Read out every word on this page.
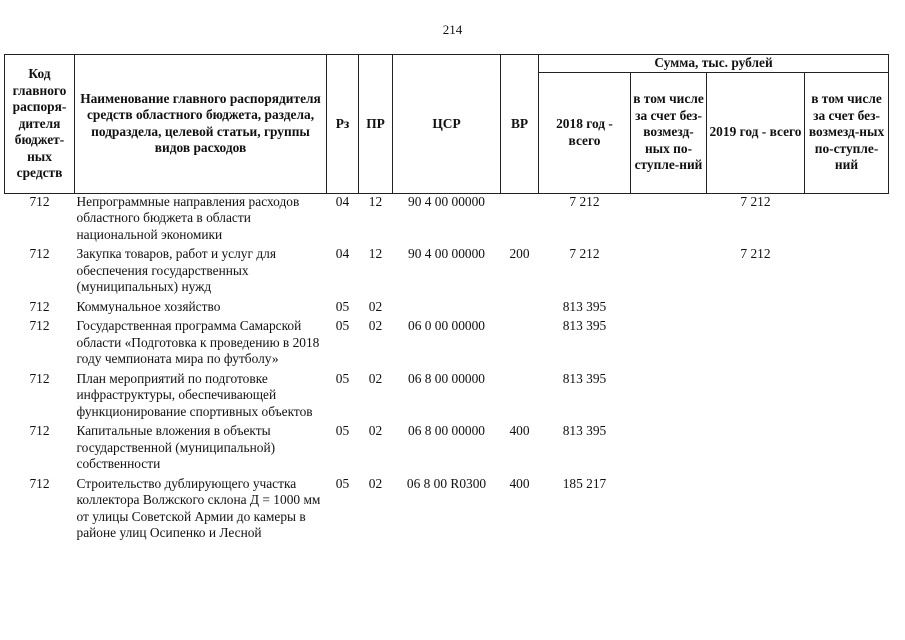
214
Код главного распоря-дителя бюджет-ных средств	Наименование главного распорядителя средств областного бюджета, раздела, подраздела, целевой статьи, группы видов расходов	Рз	ПР	ЦСР	ВР	Сумма, тыс. рублей			
						2018 год - всего	в том числе за счет без-возмезд-ных по-ступле-ний	2019 год - всего	в том числе за счет без-возмезд-ных по-ступле-ний
712	Непрограммные направления расходов областного бюджета в области национальной экономики	04	12	90 4 00 00000		7 212		7 212	
712	Закупка товаров, работ и услуг для обеспечения государственных (муниципальных) нужд	04	12	90 4 00 00000	200	7 212		7 212	
712	Коммунальное хозяйство	05	02			813 395			
712	Государственная программа Самарской области «Подготовка к проведению в 2018 году чемпионата мира по футболу»	05	02	06 0 00 00000		813 395			
712	План мероприятий по подготовке инфраструктуры, обеспечивающей функционирование спортивных объектов	05	02	06 8 00 00000		813 395			
712	Капитальные вложения в объекты государственной (муниципальной) собственности	05	02	06 8 00 00000	400	813 395			
712	Строительство дублирующего участка коллектора Волжского склона Д = 1000 мм от улицы Советской Армии до камеры в районе улиц Осипенко и Лесной	05	02	06 8 00 R0300	400	185 217			
